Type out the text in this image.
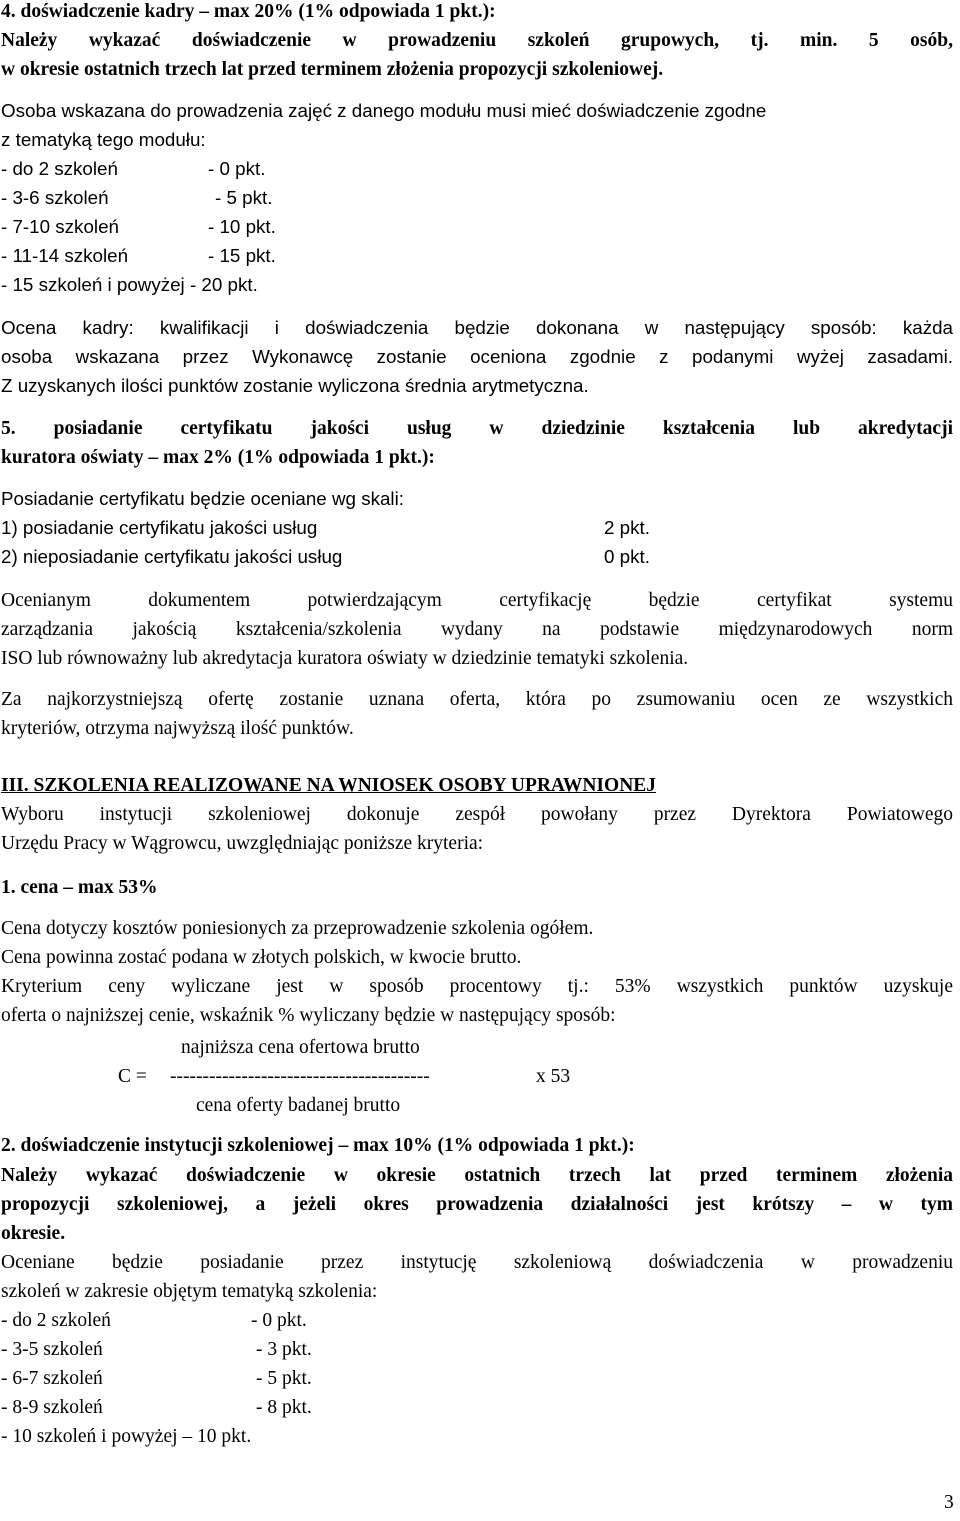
4. doświadczenie kadry – max 20% (1% odpowiada 1 pkt.):
Należy wykazać doświadczenie w prowadzeniu szkoleń grupowych, tj. min. 5 osób,
w okresie ostatnich trzech lat przed terminem złożenia propozycji szkoleniowej.
Osoba wskazana do prowadzenia zajęć z danego modułu musi mieć doświadczenie zgodne
z tematyką tego modułu:
- do 2 szkoleń	- 0 pkt.
- 3-6 szkoleń	- 5 pkt.
- 7-10 szkoleń	- 10 pkt.
- 11-14 szkoleń	- 15 pkt.
- 15 szkoleń i powyżej - 20 pkt.
Ocena kadry: kwalifikacji i doświadczenia będzie dokonana w następujący sposób: każda
osoba wskazana przez Wykonawcę zostanie oceniona zgodnie z podanymi wyżej zasadami.
Z uzyskanych ilości punktów zostanie wyliczona średnia arytmetyczna.
5. posiadanie certyfikatu jakości usług w dziedzinie kształcenia lub akredytacji
kuratora oświaty – max 2% (1% odpowiada 1 pkt.):
Posiadanie certyfikatu będzie oceniane wg skali:
1) posiadanie certyfikatu jakości usług	2 pkt.
2) nieposiadanie certyfikatu jakości usług	0 pkt.
Ocenianym dokumentem potwierdzającym certyfikację będzie certyfikat systemu
zarządzania jakością kształcenia/szkolenia wydany na podstawie międzynarodowych norm
ISO lub równoważny lub akredytacja kuratora oświaty w dziedzinie tematyki szkolenia.
Za najkorzystniejszą ofertę zostanie uznana oferta, która po zsumowaniu ocen ze wszystkich
kryteriów, otrzyma najwyższą ilość punktów.
III. SZKOLENIA REALIZOWANE NA WNIOSEK OSOBY UPRAWNIONEJ
Wyboru instytucji szkoleniowej dokonuje zespół powołany przez Dyrektora Powiatowego
Urzędu Pracy w Wągrowcu, uwzględniając poniższe kryteria:
1. cena – max 53%
Cena dotyczy kosztów poniesionych za przeprowadzenie szkolenia ogółem.
Cena powinna zostać podana w złotych polskich, w kwocie brutto.
Kryterium ceny wyliczane jest w sposób procentowy tj.: 53% wszystkich punktów uzyskuje
oferta o najniższej cenie, wskaźnik % wyliczany będzie w następujący sposób:
najniższa cena ofertowa brutto
C = ----------------------------------------	x 53
cena oferty badanej brutto
2. doświadczenie instytucji szkoleniowej – max 10% (1% odpowiada 1 pkt.):
Należy wykazać doświadczenie w okresie ostatnich trzech lat przed terminem złożenia
propozycji szkoleniowej, a jeżeli okres prowadzenia działalności jest krótszy – w tym
okresie.
Oceniane będzie posiadanie przez instytucję szkoleniową doświadczenia w prowadzeniu
szkoleń w zakresie objętym tematyką szkolenia:
- do 2 szkoleń	- 0 pkt.
- 3-5 szkoleń	- 3 pkt.
- 6-7 szkoleń	- 5 pkt.
- 8-9 szkoleń	- 8 pkt.
- 10 szkoleń i powyżej – 10 pkt.
3
